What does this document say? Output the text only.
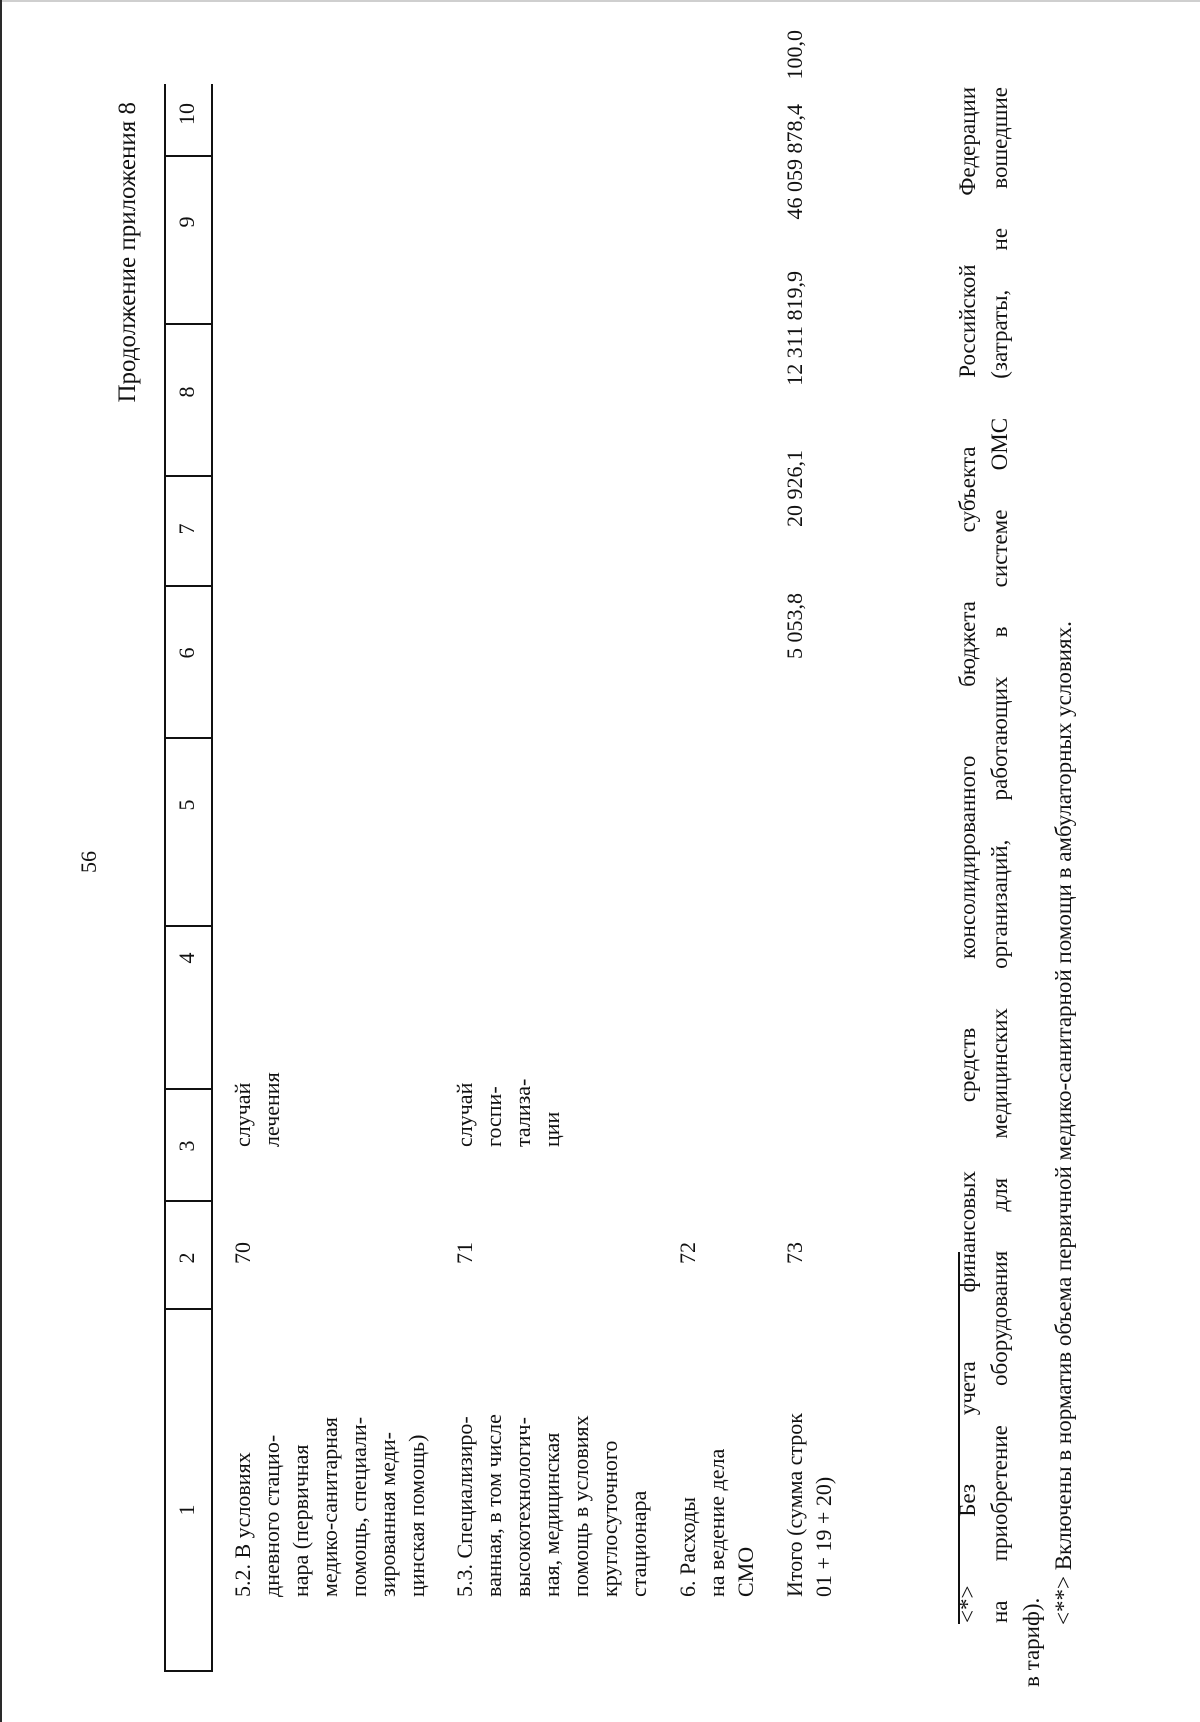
56
Продолжение приложения 8
1
2
3
4
5
6
7
8
9
10
5.2. В условиях дневного стацио- нара (первичная медико-санитарная помощь, специали- зированная меди- цинская помощь)
70
случай лечения
5.3. Специализиро- ванная, в том числе высокотехнологич- ная, медицинская помощь в условиях круглосуточного стационара
71
случай госпи- тализа- ции
6. Расходы на ведение дела СМО
72
Итого (сумма строк 01 + 19 + 20)
73
5 053,8
20 926,1
12 311 819,9
46 059 878,4
100,0

<*> Без учета финансовых средств консолидированного бюджета субъекта Российской Федерации на приобретение оборудования для медицинских организаций, работающих в системе ОМС (затраты, не вошедшие

в тариф).

<**> Включены в норматив объема первичной медико-санитарной помощи в амбулаторных условиях.
